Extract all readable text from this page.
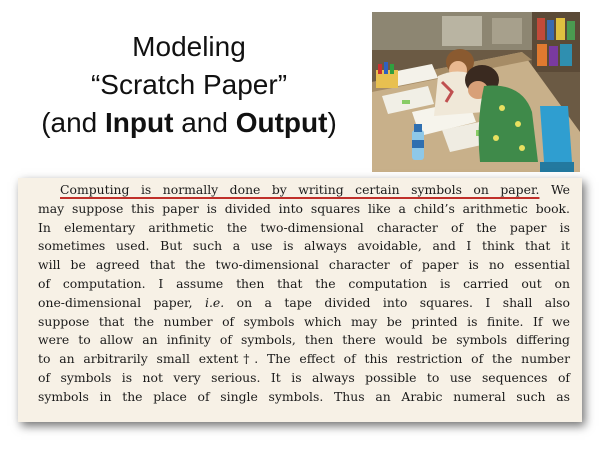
Modeling
“Scratch Paper”
(and Input and Output)
Computing is normally done by writing certain symbols on paper. We
may suppose this paper is divided into squares like a child’s arithmetic book.
In elementary arithmetic the two-dimensional character of the paper is
sometimes used. But such a use is always avoidable, and I think that it
will be agreed that the two-dimensional character of paper is no essential
of computation. I assume then that the computation is carried out on
one-dimensional paper, i.e. on a tape divided into squares. I shall also
suppose that the number of symbols which may be printed is finite. If we
were to allow an infinity of symbols, then there would be symbols differing
to an arbitrarily small extent†. The effect of this restriction of the number
of symbols is not very serious. It is always possible to use sequences of
symbols in the place of single symbols. Thus an Arabic numeral such as
